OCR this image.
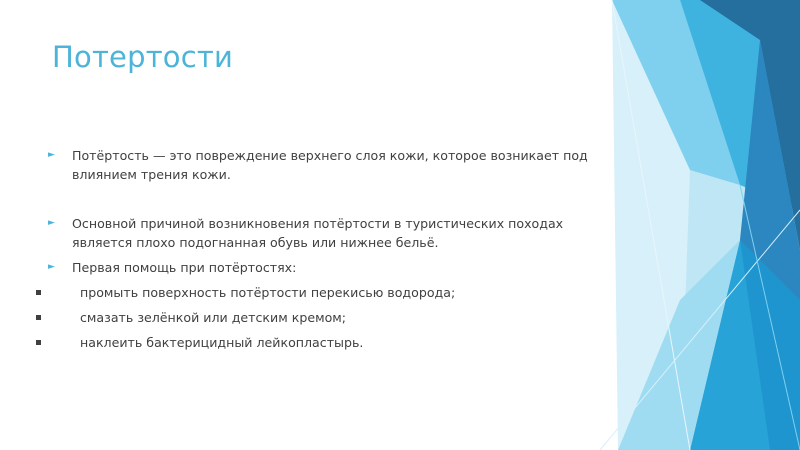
Потертости
► Потёртость — это повреждение верхнего слоя кожи, которое возникает под влиянием трения кожи.
► Основной причиной возникновения потёртости в туристических походах является плохо подогнанная обувь или нижнее бельё.
► Первая помощь при потёртостях:
промыть поверхность потёртости перекисью водорода;
смазать зелёнкой или детским кремом;
наклеить бактерицидный лейкопластырь.
